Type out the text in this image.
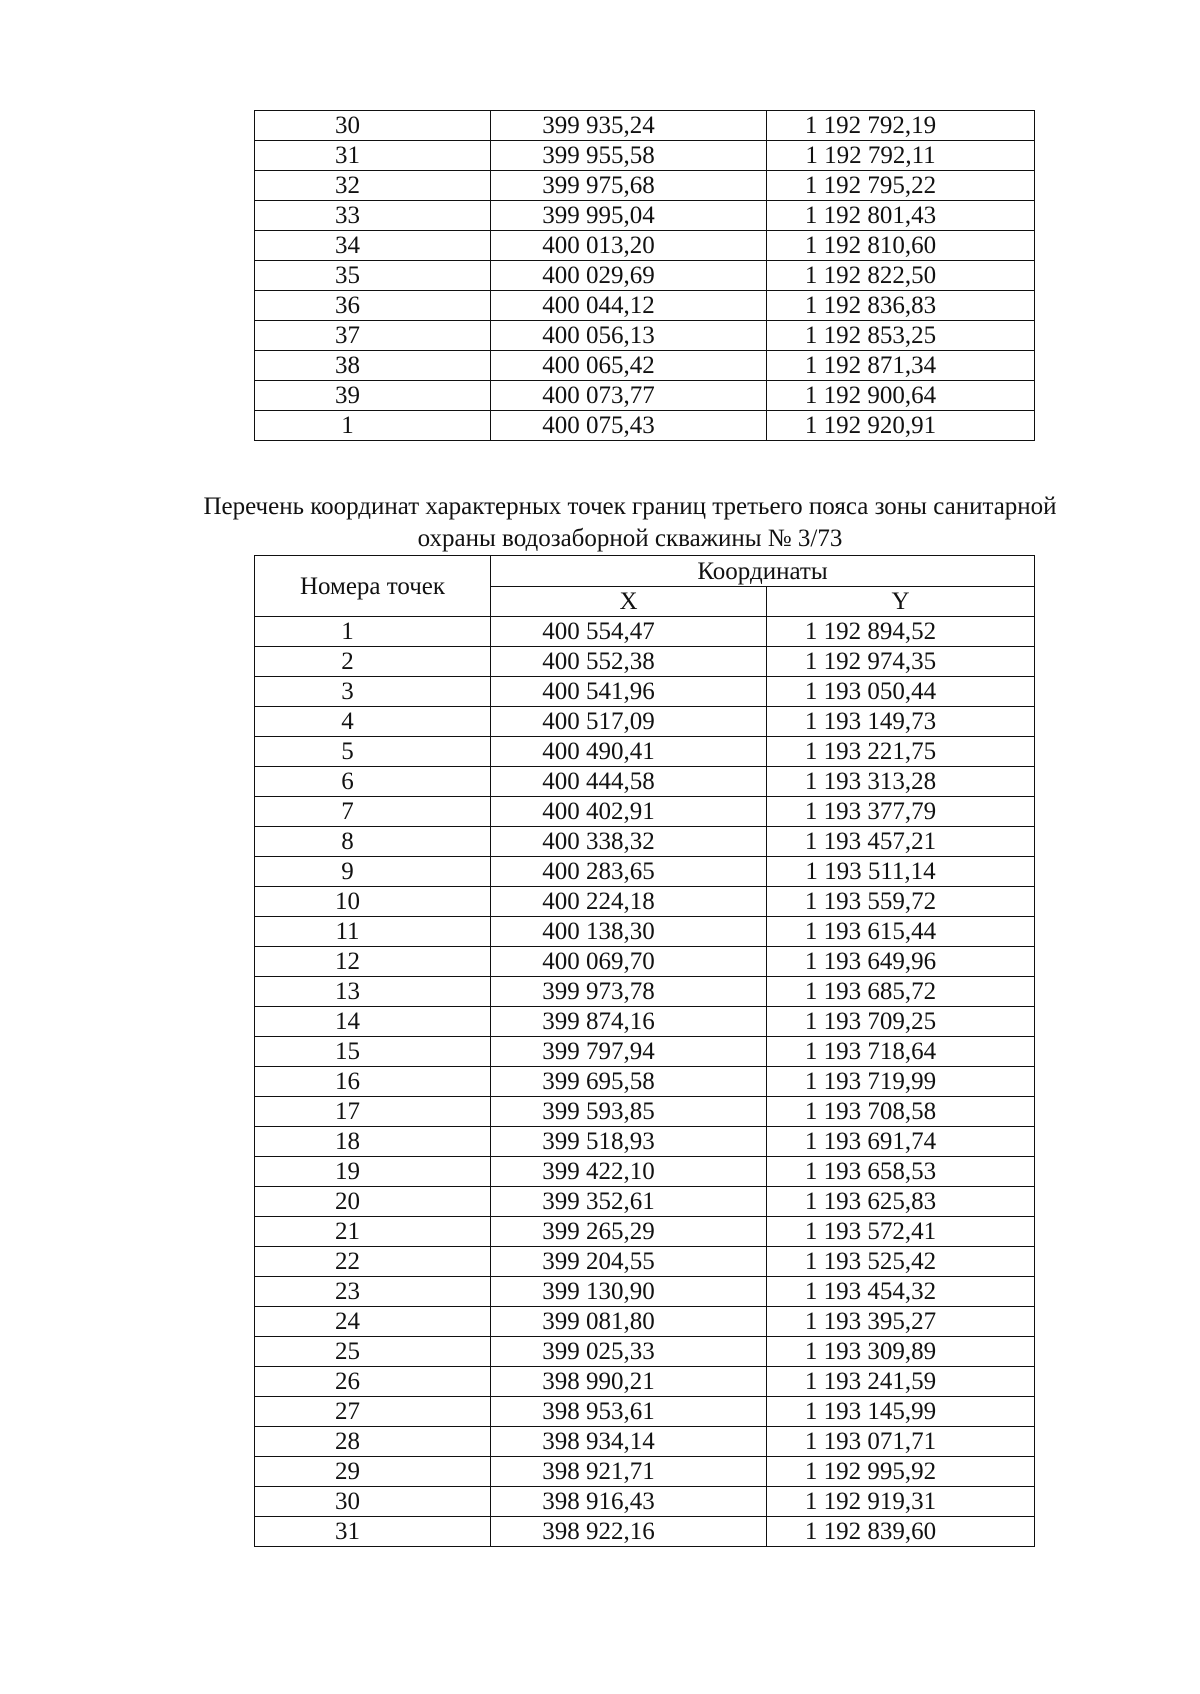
30	399 935,24	1 192 792,19
31	399 955,58	1 192 792,11
32	399 975,68	1 192 795,22
33	399 995,04	1 192 801,43
34	400 013,20	1 192 810,60
35	400 029,69	1 192 822,50
36	400 044,12	1 192 836,83
37	400 056,13	1 192 853,25
38	400 065,42	1 192 871,34
39	400 073,77	1 192 900,64
1	400 075,43	1 192 920,91
Перечень координат характерных точек границ третьего пояса зоны санитарной
охраны водозаборной скважины № 3/73
Номера точек	Координаты	
	X	Y
1	400 554,47	1 192 894,52
2	400 552,38	1 192 974,35
3	400 541,96	1 193 050,44
4	400 517,09	1 193 149,73
5	400 490,41	1 193 221,75
6	400 444,58	1 193 313,28
7	400 402,91	1 193 377,79
8	400 338,32	1 193 457,21
9	400 283,65	1 193 511,14
10	400 224,18	1 193 559,72
11	400 138,30	1 193 615,44
12	400 069,70	1 193 649,96
13	399 973,78	1 193 685,72
14	399 874,16	1 193 709,25
15	399 797,94	1 193 718,64
16	399 695,58	1 193 719,99
17	399 593,85	1 193 708,58
18	399 518,93	1 193 691,74
19	399 422,10	1 193 658,53
20	399 352,61	1 193 625,83
21	399 265,29	1 193 572,41
22	399 204,55	1 193 525,42
23	399 130,90	1 193 454,32
24	399 081,80	1 193 395,27
25	399 025,33	1 193 309,89
26	398 990,21	1 193 241,59
27	398 953,61	1 193 145,99
28	398 934,14	1 193 071,71
29	398 921,71	1 192 995,92
30	398 916,43	1 192 919,31
31	398 922,16	1 192 839,60
